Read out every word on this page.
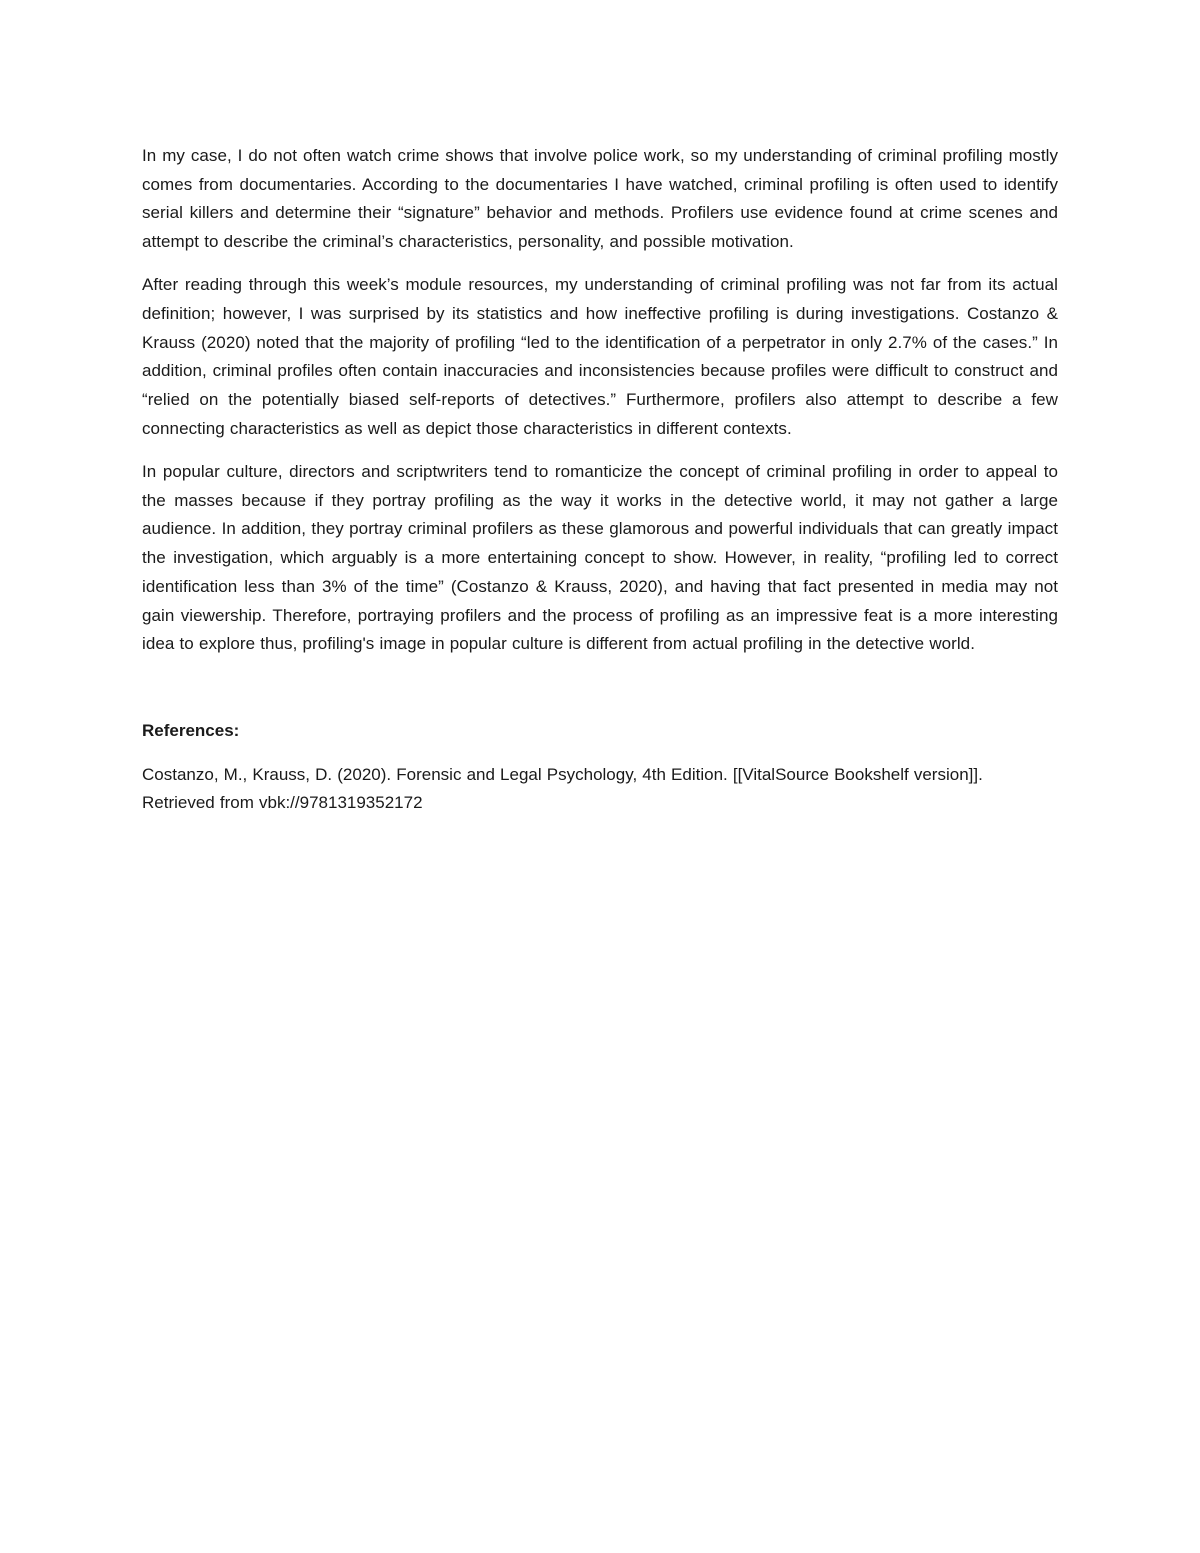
In my case, I do not often watch crime shows that involve police work, so my understanding of criminal profiling mostly comes from documentaries. According to the documentaries I have watched, criminal profiling is often used to identify serial killers and determine their “signature” behavior and methods. Profilers use evidence found at crime scenes and attempt to describe the criminal’s characteristics, personality, and possible motivation.

After reading through this week’s module resources, my understanding of criminal profiling was not far from its actual definition; however, I was surprised by its statistics and how ineffective profiling is during investigations. Costanzo & Krauss (2020) noted that the majority of profiling “led to the identification of a perpetrator in only 2.7% of the cases.” In addition, criminal profiles often contain inaccuracies and inconsistencies because profiles were difficult to construct and “relied on the potentially biased self-reports of detectives.” Furthermore, profilers also attempt to describe a few connecting characteristics as well as depict those characteristics in different contexts.

In popular culture, directors and scriptwriters tend to romanticize the concept of criminal profiling in order to appeal to the masses because if they portray profiling as the way it works in the detective world, it may not gather a large audience. In addition, they portray criminal profilers as these glamorous and powerful individuals that can greatly impact the investigation, which arguably is a more entertaining concept to show. However, in reality, “profiling led to correct identification less than 3% of the time” (Costanzo & Krauss, 2020), and having that fact presented in media may not gain viewership. Therefore, portraying profilers and the process of profiling as an impressive feat is a more interesting idea to explore thus, profiling's image in popular culture is different from actual profiling in the detective world.

References:

Costanzo, M., Krauss, D. (2020). Forensic and Legal Psychology, 4th Edition. [[VitalSource Bookshelf version]]. Retrieved from vbk://9781319352172
